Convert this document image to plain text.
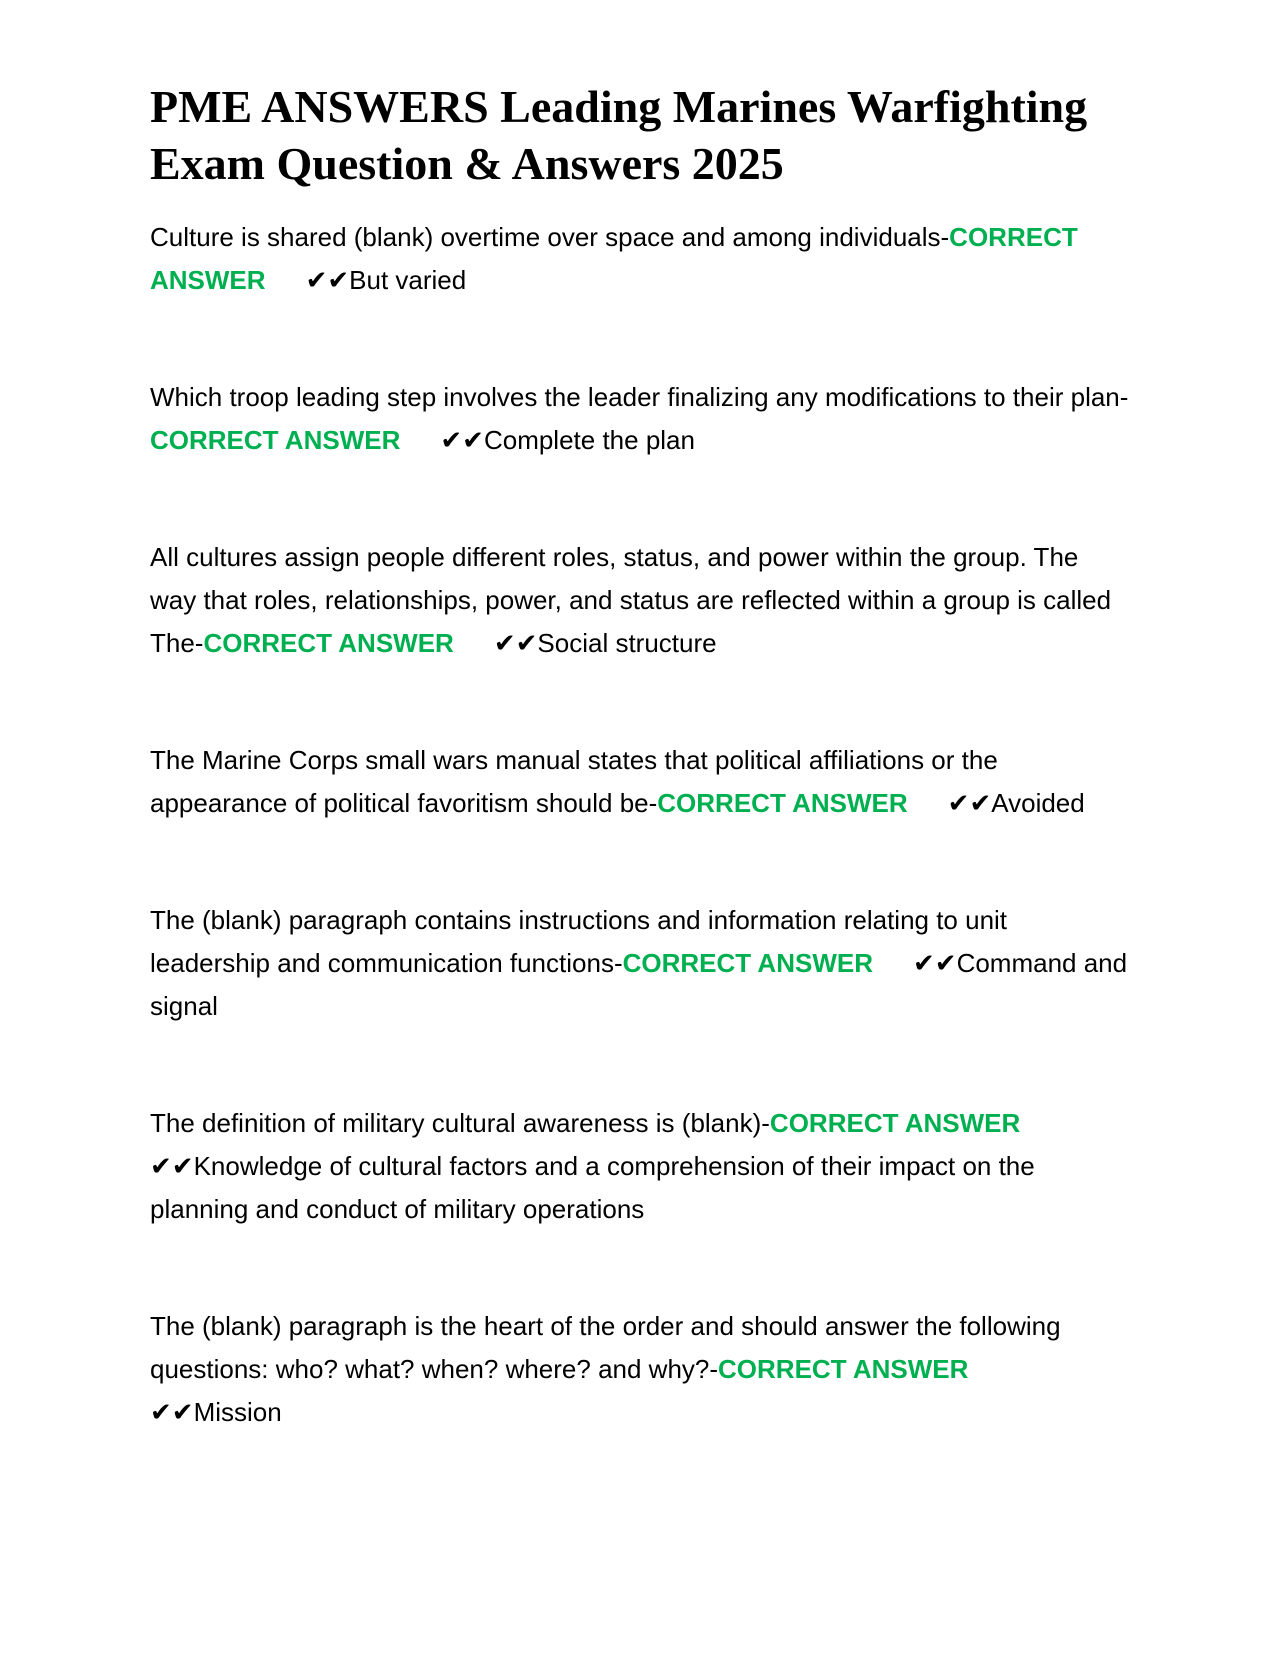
PME ANSWERS Leading Marines Warfighting Exam Question & Answers 2025

Culture is shared (blank) overtime over space and among individuals-CORRECT ANSWER ✔✔But varied

Which troop leading step involves the leader finalizing any modifications to their plan-CORRECT ANSWER ✔✔Complete the plan

All cultures assign people different roles, status, and power within the group. The way that roles, relationships, power, and status are reflected within a group is called The-CORRECT ANSWER ✔✔Social structure

The Marine Corps small wars manual states that political affiliations or the appearance of political favoritism should be-CORRECT ANSWER ✔✔Avoided

The (blank) paragraph contains instructions and information relating to unit leadership and communication functions-CORRECT ANSWER ✔✔Command and signal

The definition of military cultural awareness is (blank)-CORRECT ANSWER✔✔Knowledge of cultural factors and a comprehension of their impact on the planning and conduct of military operations

The (blank) paragraph is the heart of the order and should answer the following questions: who? what? when? where? and why?-CORRECT ANSWER✔✔Mission
